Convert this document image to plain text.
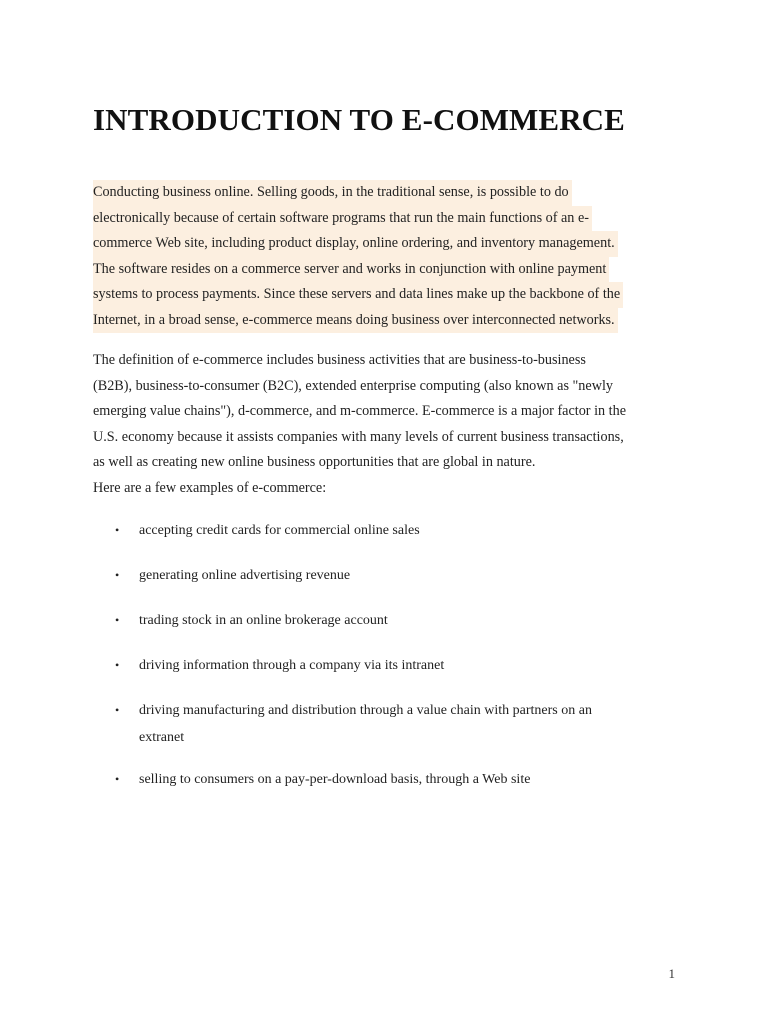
INTRODUCTION TO E-COMMERCE

Conducting business online. Selling goods, in the traditional sense, is possible to do
electronically because of certain software programs that run the main functions of an e-
commerce Web site, including product display, online ordering, and inventory management.
The software resides on a commerce server and works in conjunction with online payment
systems to process payments. Since these servers and data lines make up the backbone of the
Internet, in a broad sense, e-commerce means doing business over interconnected networks.

The definition of e-commerce includes business activities that are business-to-business
(B2B), business-to-consumer (B2C), extended enterprise computing (also known as "newly
emerging value chains"), d-commerce, and m-commerce. E-commerce is a major factor in the
U.S. economy because it assists companies with many levels of current business transactions,
as well as creating new online business opportunities that are global in nature.
Here are a few examples of e-commerce:

• accepting credit cards for commercial online sales
• generating online advertising revenue
• trading stock in an online brokerage account
• driving information through a company via its intranet
• driving manufacturing and distribution through a value chain with partners on an
extranet
• selling to consumers on a pay-per-download basis, through a Web site
1
